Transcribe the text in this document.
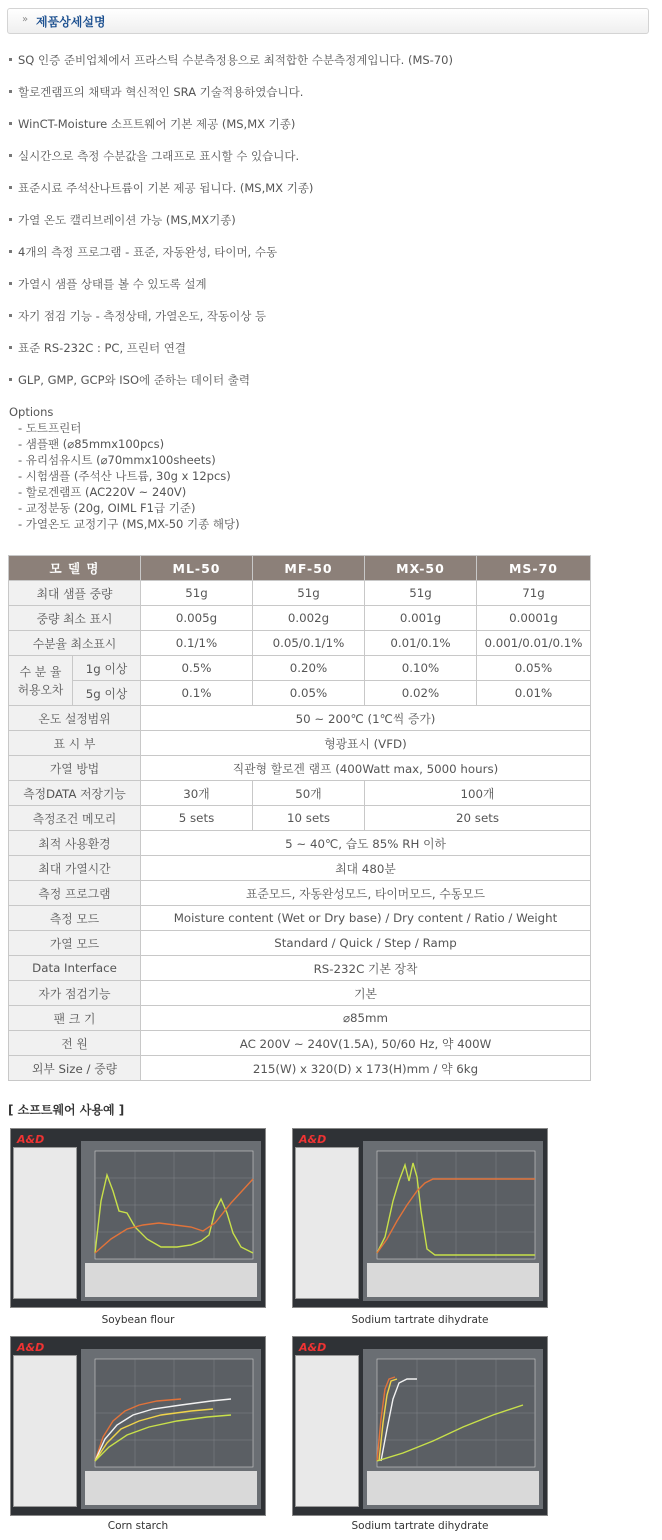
» 제품상세설명
SQ 인증 준비업체에서 프라스틱 수분측정용으로 최적합한 수분측정계입니다. (MS-70)
할로겐램프의 채택과 혁신적인 SRA 기술적용하였습니다.
WinCT-Moisture 소프트웨어 기본 제공 (MS,MX 기종)
실시간으로 측정 수분값을 그래프로 표시할 수 있습니다.
표준시료 주석산나트륨이 기본 제공 됩니다. (MS,MX 기종)
가열 온도 캘리브레이션 가능 (MS,MX기종)
4개의 측정 프로그램 - 표준, 자동완성, 타이머, 수동
가열시 샘플 상태를 볼 수 있도록 설계
자기 점검 기능 - 측정상태, 가열온도, 작동이상 등
표준 RS-232C : PC, 프린터 연결
GLP, GMP, GCP와 ISO에 준하는 데이터 출력
Options
- 도트프린터
- 샘플팬 (⌀85mmx100pcs)
- 유리섬유시트 (⌀70mmx100sheets)
- 시험샘플 (주석산 나트륨, 30g x 12pcs)
- 할로겐램프 (AC220V ~ 240V)
- 교정분동 (20g, OIML F1급 기준)
- 가열온도 교정기구 (MS,MX-50 기종 해당)
모 델 명		ML-50	MF-50	MX-50	MS-70
최대 샘플 중량		51g	51g	51g	71g
중량 최소 표시		0.005g	0.002g	0.001g	0.0001g
수분율 최소표시		0.1/1%	0.05/0.1/1%	0.01/0.1%	0.001/0.01/0.1%

수 분 율
허용오차	1g 이상	0.5%	0.20%	0.10%	0.05%
	5g 이상	0.1%	0.05%	0.02%	0.01%
온도 설정범위		50 ~ 200℃ (1℃씩 증가)			
표 시 부		형광표시 (VFD)			
가열 방법		직관형 할로겐 램프 (400Watt max, 5000 hours)			
측정DATA 저장기능		30개	50개	100개	
측정조건 메모리		5 sets	10 sets	20 sets	
최적 사용환경		5 ~ 40℃, 습도 85% RH 이하			
최대 가열시간		최대 480분			
측정 프로그램		표준모드, 자동완성모드, 타이머모드, 수동모드			
측정 모드		Moisture content (Wet or Dry base) / Dry content / Ratio / Weight			
가열 모드		Standard / Quick / Step / Ramp			
Data Interface		RS-232C 기본 장착			
자가 점검기능		기본			
팬 크 기		⌀85mm			
전 원		AC 200V ~ 240V(1.5A), 50/60 Hz, 약 400W			
외부 Size / 중량		215(W) x 320(D) x 173(H)mm / 약 6kg			
[ 소프트웨어 사용예 ]
A&D
Soybean flour
A&D
Sodium tartrate dihydrate
A&D
Corn starch
A&D
Sodium tartrate dihydrate
